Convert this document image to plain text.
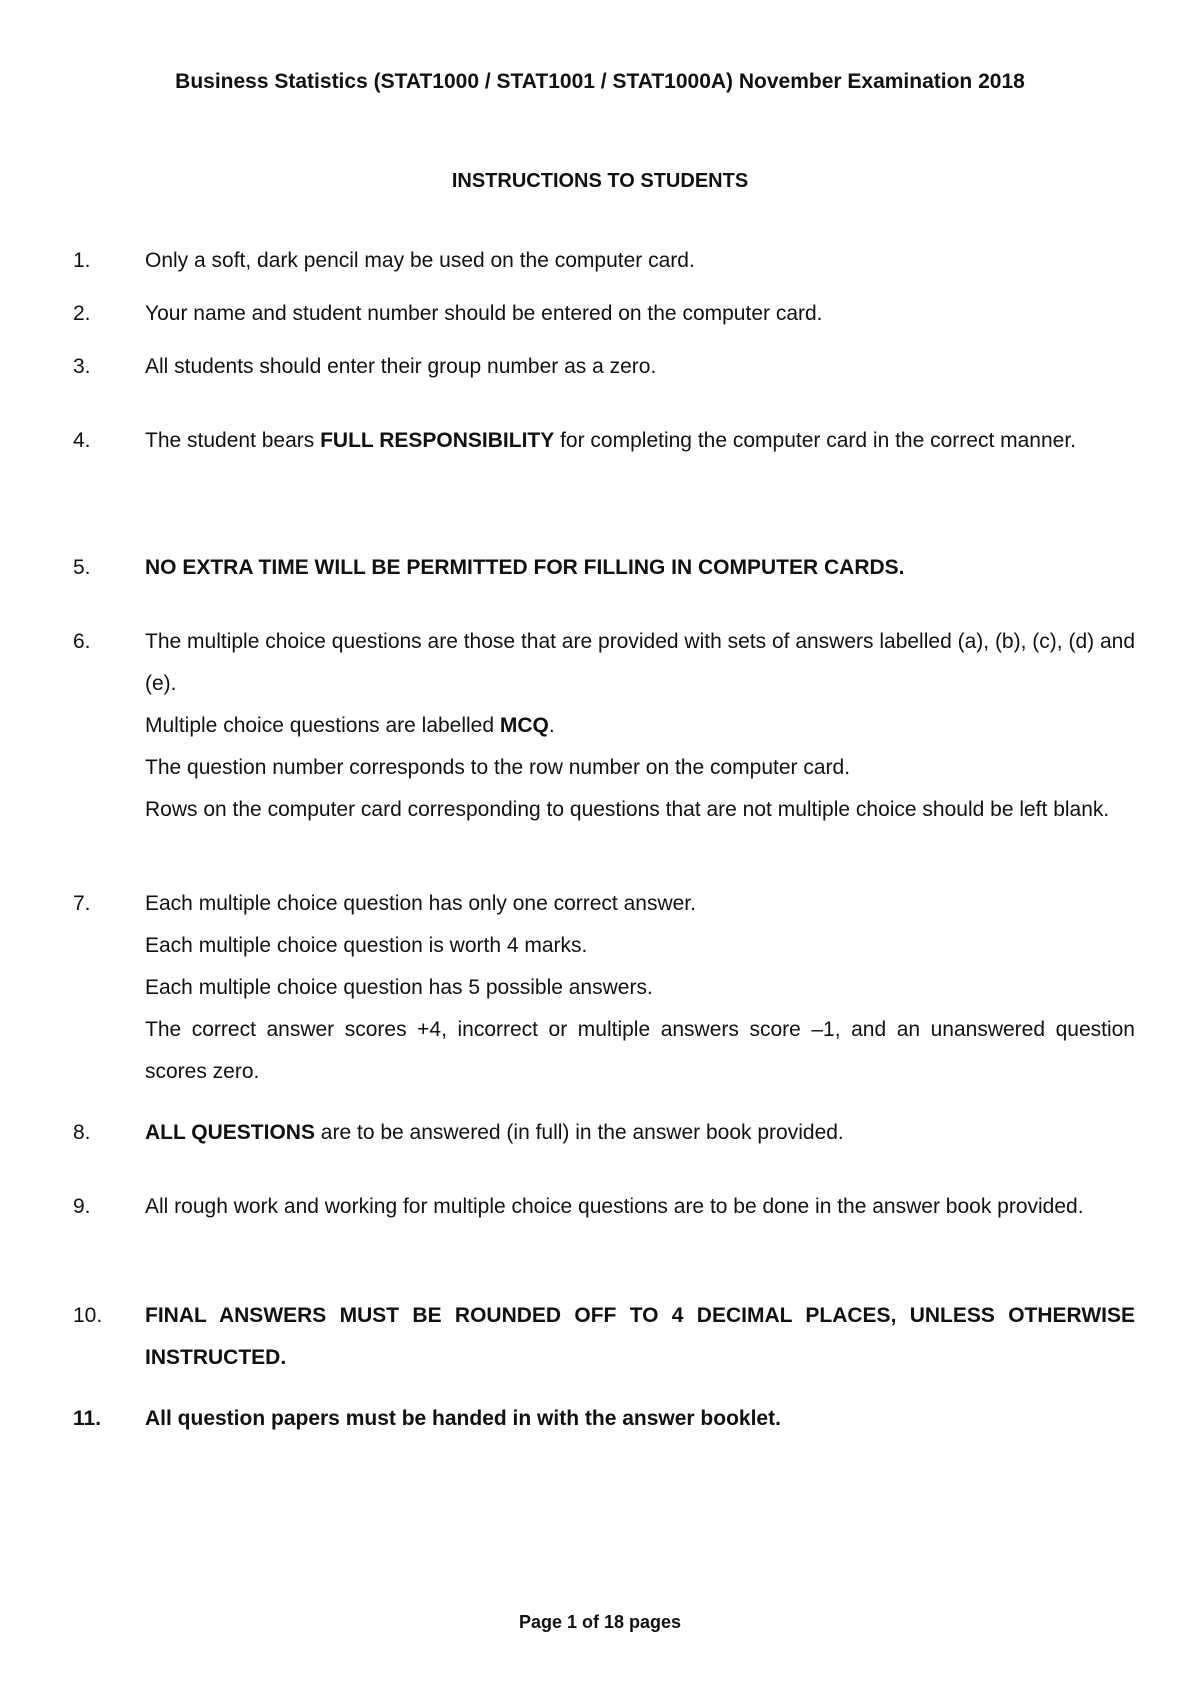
Business Statistics (STAT1000 / STAT1001 / STAT1000A) November Examination 2018
INSTRUCTIONS TO STUDENTS
1.	Only a soft, dark pencil may be used on the computer card.
2.	Your name and student number should be entered on the computer card.
3.	All students should enter their group number as a zero.
4.	The student bears FULL RESPONSIBILITY for completing the computer card in the correct manner.
5.	NO EXTRA TIME WILL BE PERMITTED FOR FILLING IN COMPUTER CARDS.
6.	The multiple choice questions are those that are provided with sets of answers labelled (a), (b), (c), (d) and (e).
Multiple choice questions are labelled MCQ.
The question number corresponds to the row number on the computer card.
Rows on the computer card corresponding to questions that are not multiple choice should be left blank.
7.	Each multiple choice question has only one correct answer.
Each multiple choice question is worth 4 marks.
Each multiple choice question has 5 possible answers.
The correct answer scores +4, incorrect or multiple answers score –1, and an unanswered question scores zero.
8.	ALL QUESTIONS are to be answered (in full) in the answer book provided.
9.	All rough work and working for multiple choice questions are to be done in the answer book provided.
10.	FINAL ANSWERS MUST BE ROUNDED OFF TO 4 DECIMAL PLACES, UNLESS OTHERWISE INSTRUCTED.
11.	All question papers must be handed in with the answer booklet.
Page 1 of 18 pages
